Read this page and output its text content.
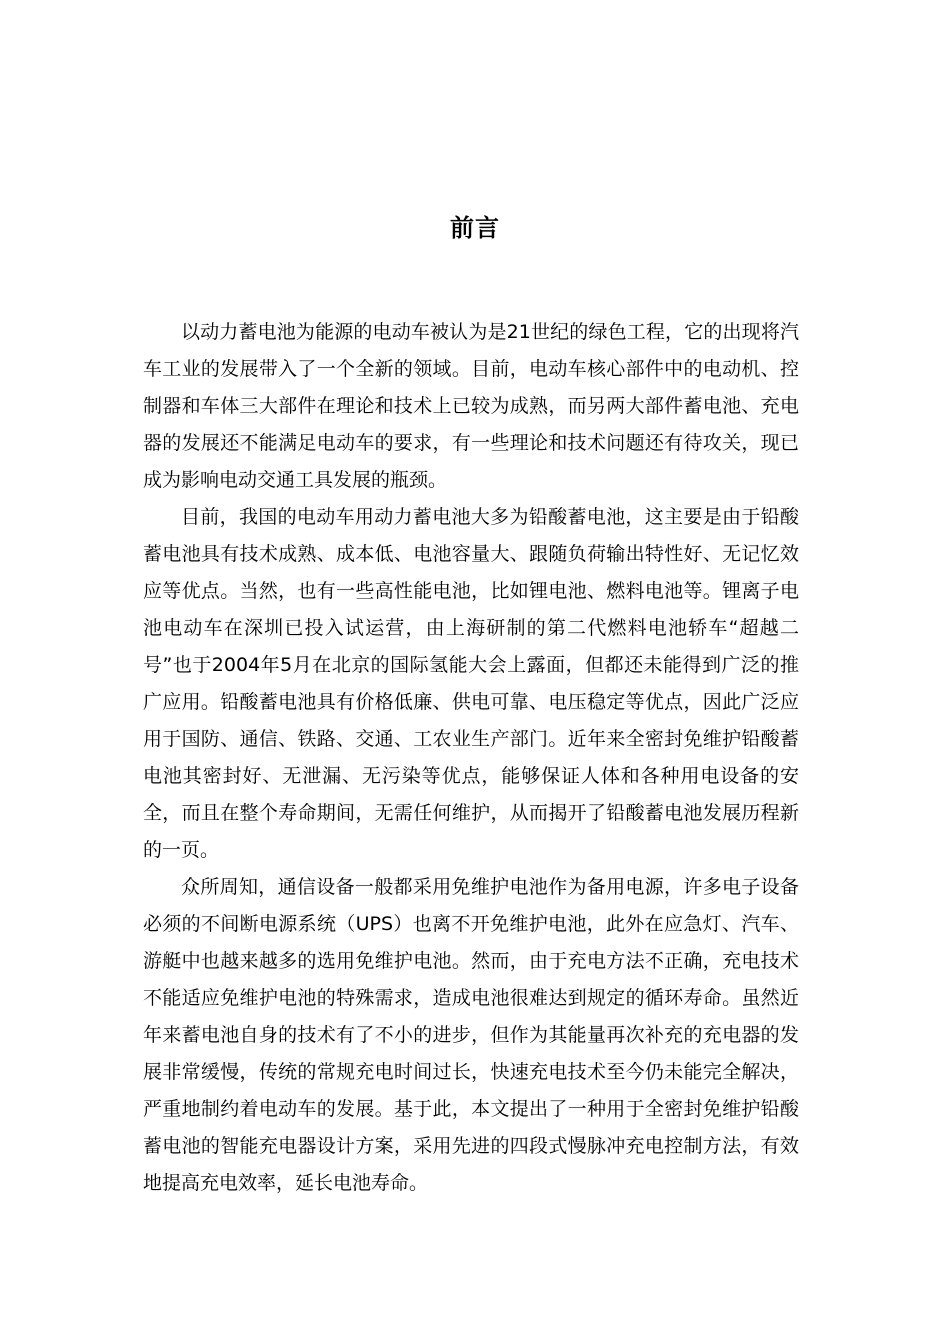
前言

以动力蓄电池为能源的电动车被认为是21世纪的绿色工程，它的出现将汽车工业的发展带入了一个全新的领域。目前，电动车核心部件中的电动机、控制器和车体三大部件在理论和技术上已较为成熟，而另两大部件蓄电池、充电器的发展还不能满足电动车的要求，有一些理论和技术问题还有待攻关，现已成为影响电动交通工具发展的瓶颈。

目前，我国的电动车用动力蓄电池大多为铅酸蓄电池，这主要是由于铅酸蓄电池具有技术成熟、成本低、电池容量大、跟随负荷输出特性好、无记忆效应等优点。当然，也有一些高性能电池，比如锂电池、燃料电池等。锂离子电池电动车在深圳已投入试运营，由上海研制的第二代燃料电池轿车“超越二号”也于2004年5月在北京的国际氢能大会上露面，但都还未能得到广泛的推广应用。铅酸蓄电池具有价格低廉、供电可靠、电压稳定等优点，因此广泛应用于国防、通信、铁路、交通、工农业生产部门。近年来全密封免维护铅酸蓄电池其密封好、无泄漏、无污染等优点，能够保证人体和各种用电设备的安全，而且在整个寿命期间，无需任何维护，从而揭开了铅酸蓄电池发展历程新的一页。

众所周知，通信设备一般都采用免维护电池作为备用电源，许多电子设备必须的不间断电源系统（UPS）也离不开免维护电池，此外在应急灯、汽车、游艇中也越来越多的选用免维护电池。然而，由于充电方法不正确，充电技术不能适应免维护电池的特殊需求，造成电池很难达到规定的循环寿命。虽然近年来蓄电池自身的技术有了不小的进步，但作为其能量再次补充的充电器的发展非常缓慢，传统的常规充电时间过长，快速充电技术至今仍未能完全解决，严重地制约着电动车的发展。基于此，本文提出了一种用于全密封免维护铅酸蓄电池的智能充电器设计方案，采用先进的四段式慢脉冲充电控制方法，有效地提高充电效率，延长电池寿命。
